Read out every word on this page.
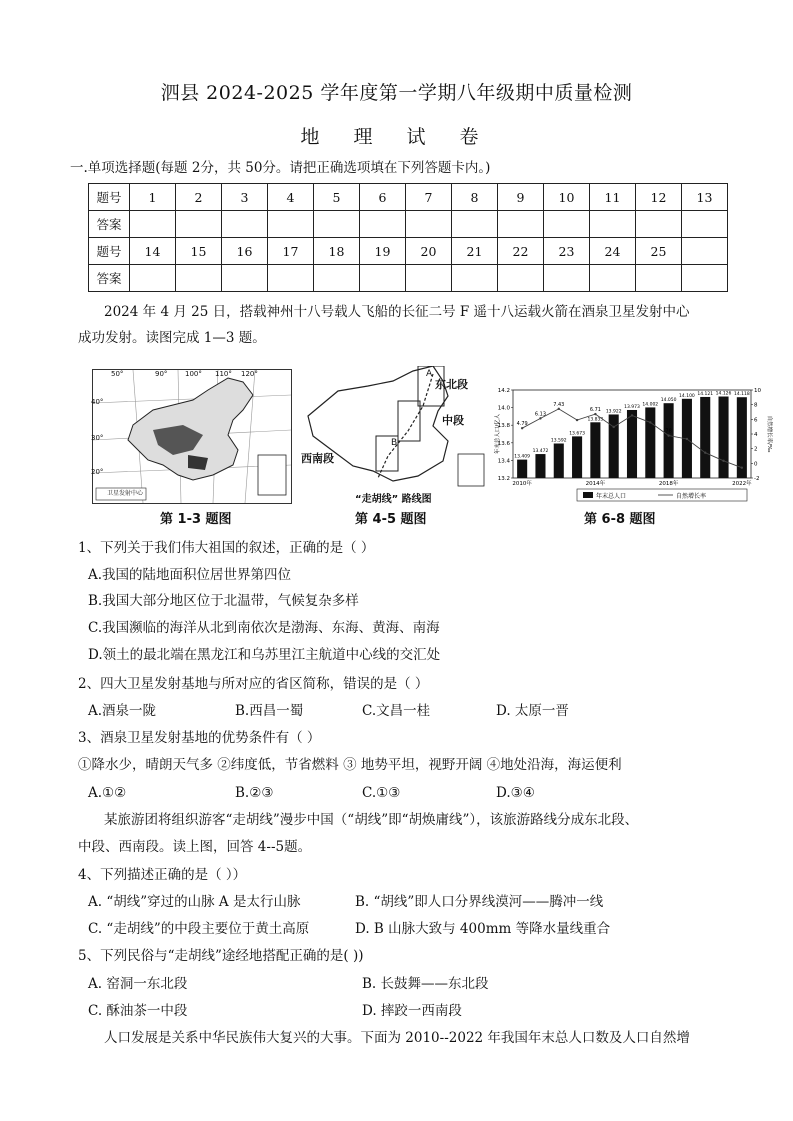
泗县 2024-2025 学年度第一学期八年级期中质量检测
地 理 试 卷
一.单项选择题(每题 2分，共 50分。请把正确选项填在下列答题卡内。)
题号	1	2	3	4	5	6	7	8	9	10	11	12	13
答案													
题号	14	15	16	17	18	19	20	21	22	23	24	25	
答案													
2024 年 4 月 25 日，搭载神州十八号载人飞船的长征二号 F 遥十八运载火箭在酒泉卫星发射中心
成功发射。读图完成 1—3 题。
卫星发射中心
40°
30°
20°
50°	90°	100° 110° 120°
第 1-3 题图
东北段
中段
西南段
“走胡线” 路线图
A
B
第 4-5 题图
13.2
13.4
13.6
13.8
14.0
14.2
-2
0
2
4
6
8
10
13.409
13.472
13.592
13.673
13.833
13.922
13.973
14.002
14.050
14.100 14.121 14.126 14.118
4.79
6.13
7.43
6.71
78
2010年	2014年	2018年	2022年
年末总人口/亿人	自然增长率/‰
年末总人口	自然增长率
第 6-8 题图
1、下列关于我们伟大祖国的叙述，正确的是（ ）
A.我国的陆地面积位居世界第四位
B.我国大部分地区位于北温带，气候复杂多样
C.我国濒临的海洋从北到南依次是渤海、东海、黄海、南海
D.领土的最北端在黑龙江和乌苏里江主航道中心线的交汇处
2、四大卫星发射基地与所对应的省区简称，错误的是（ ）
A.酒泉一陇	B.西昌一蜀	C.文昌一桂	D. 太原一晋
3、酒泉卫星发射基地的优势条件有（ ）
①降水少，晴朗天气多 ②纬度低，节省燃料 ③ 地势平坦，视野开阔 ④地处沿海，海运便利
A.①②	B.②③	C.①③	D.③④
某旅游团将组织游客“走胡线”漫步中国（“胡线”即“胡焕庸线”），该旅游路线分成东北段、
中段、西南段。读上图，回答 4--5题。
4、下列描述正确的是（ ））
A. “胡线”穿过的山脉 A 是太行山脉	B. “胡线”即人口分界线漠河——腾冲一线
C. “走胡线”的中段主要位于黄土高原	D. B 山脉大致与 400mm 等降水量线重合
5、下列民俗与“走胡线”途经地搭配正确的是( ))
A. 窑洞一东北段	B. 长鼓舞——东北段
C. 酥油茶一中段	D. 摔跤一西南段
人口发展是关系中华民族伟大复兴的大事。下面为 2010--2022 年我国年末总人口数及人口自然增
